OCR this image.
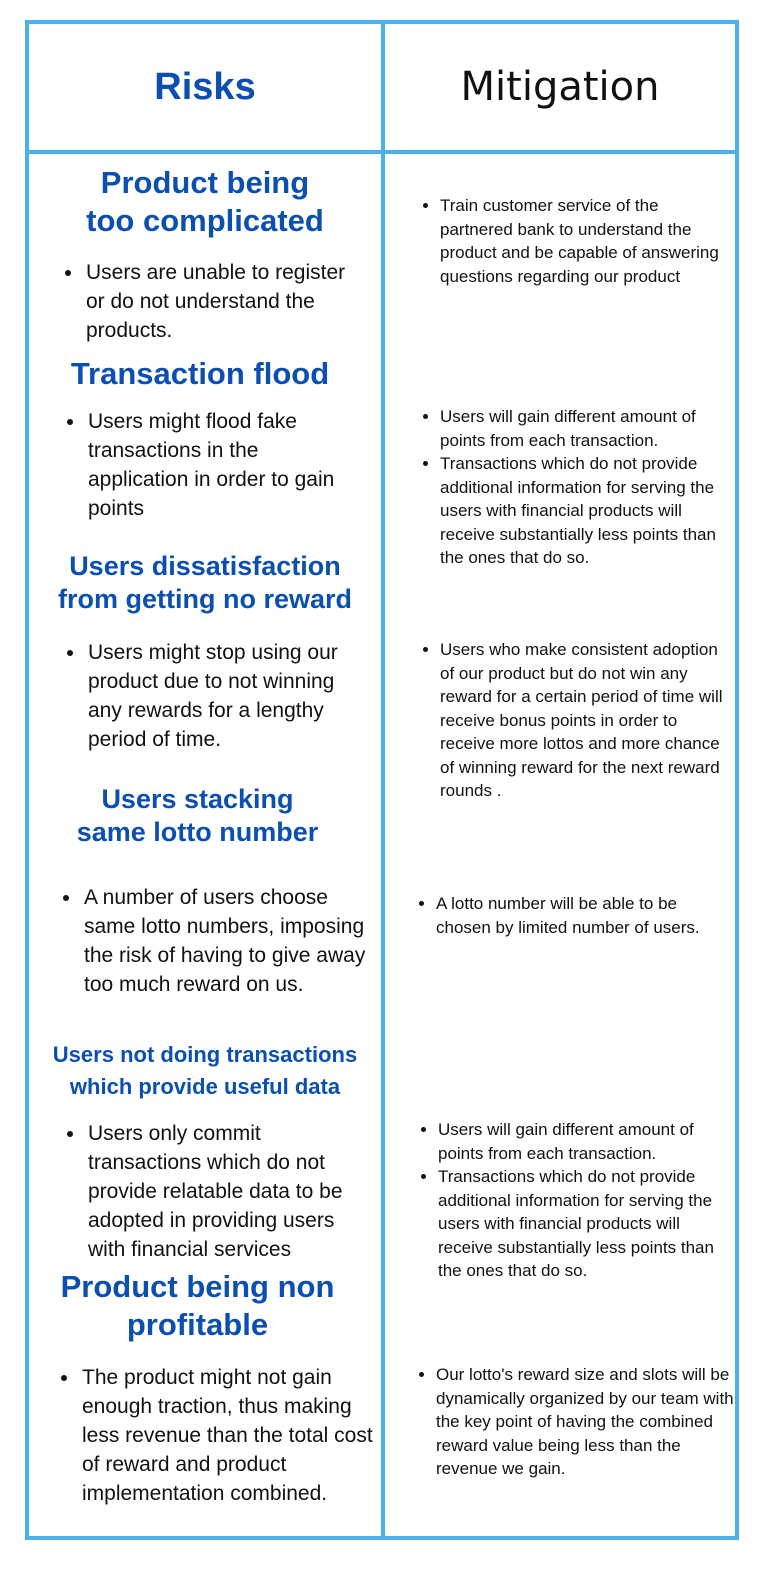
Risks	Mitigation
Product being
too complicated
• Users are unable to register or do not understand the products.
• Train customer service of the partnered bank to understand the product and be capable of answering questions regarding our product
Transaction flood
• Users might flood fake transactions in the application in order to gain points
• Users will gain different amount of points from each transaction.
• Transactions which do not provide additional information for serving the users with financial products will receive substantially less points than the ones that do so.
Users dissatisfaction
from getting no reward
• Users might stop using our product due to not winning any rewards for a lengthy period of time.
• Users who make consistent adoption of our product but do not win any reward for a certain period of time will receive bonus points in order to receive more lottos and more chance of winning reward for the next reward rounds .
Users stacking
same lotto number
• A number of users choose same lotto numbers, imposing the risk of having to give away too much reward on us.
• A lotto number will be able to be chosen by limited number of users.
Users not doing transactions
which provide useful data
• Users only commit transactions which do not provide relatable data to be adopted in providing users with financial services
• Users will gain different amount of points from each transaction.
• Transactions which do not provide additional information for serving the users with financial products will receive substantially less points than the ones that do so.
Product being non
profitable
• The product might not gain enough traction, thus making less revenue than the total cost of reward and product implementation combined.
• Our lotto's reward size and slots will be dynamically organized by our team with the key point of having the combined reward value being less than the revenue we gain.
